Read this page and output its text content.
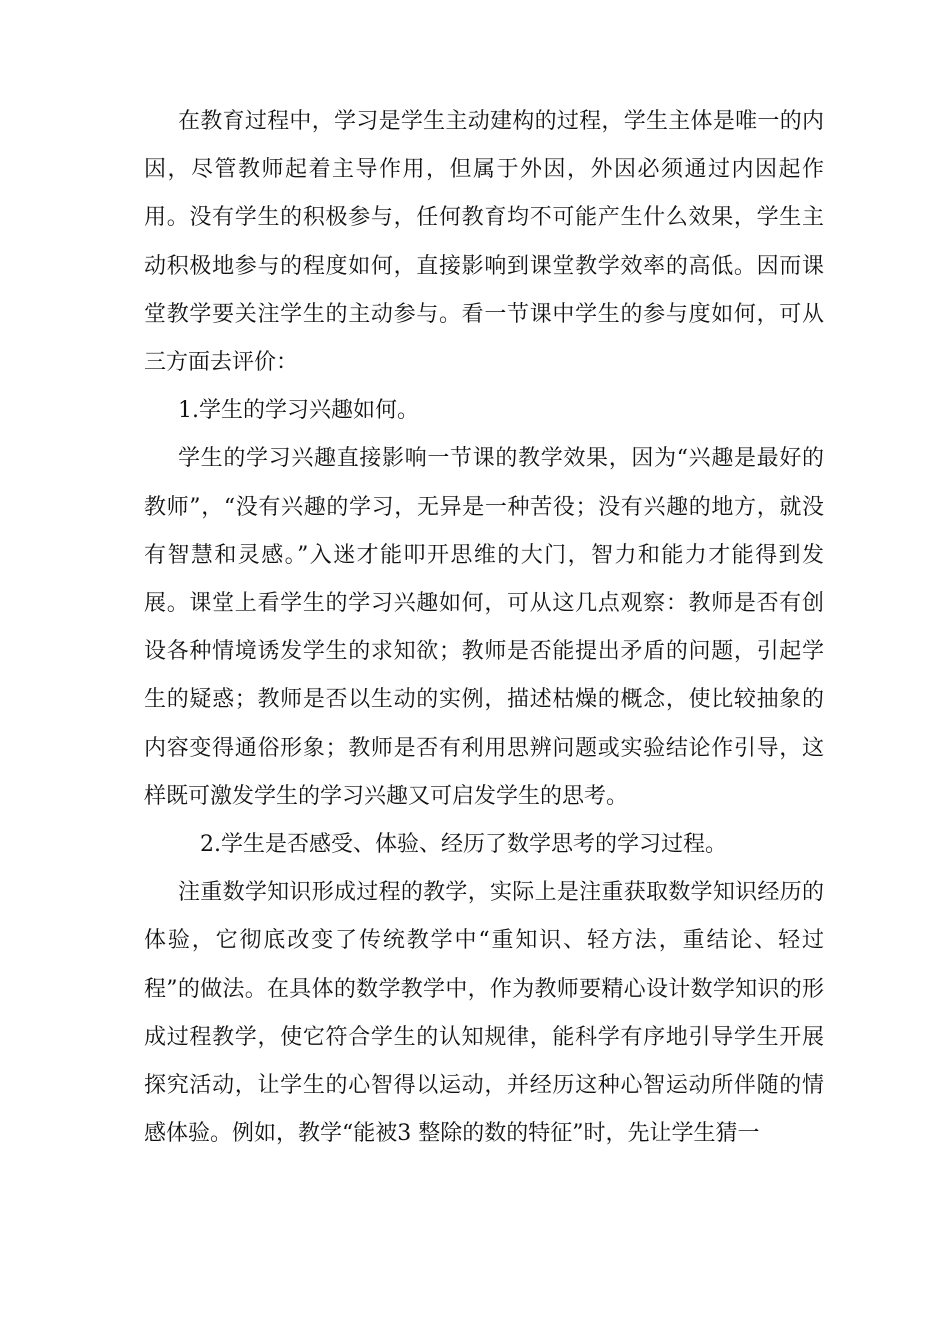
在教育过程中，学习是学生主动建构的过程，学生主体是唯一的内因，尽管教师起着主导作用，但属于外因，外因必须通过内因起作用。没有学生的积极参与，任何教育均不可能产生什么效果，学生主动积极地参与的程度如何，直接影响到课堂教学效率的高低。因而课堂教学要关注学生的主动参与。看一节课中学生的参与度如何，可从三方面去评价：

1.学生的学习兴趣如何。

学生的学习兴趣直接影响一节课的教学效果，因为“兴趣是最好的教师”，“没有兴趣的学习，无异是一种苦役；没有兴趣的地方，就没有智慧和灵感。”入迷才能叩开思维的大门，智力和能力才能得到发展。课堂上看学生的学习兴趣如何，可从这几点观察：教师是否有创设各种情境诱发学生的求知欲；教师是否能提出矛盾的问题，引起学生的疑惑；教师是否以生动的实例，描述枯燥的概念，使比较抽象的内容变得通俗形象；教师是否有利用思辨问题或实验结论作引导，这样既可激发学生的学习兴趣又可启发学生的思考。

2.学生是否感受、体验、经历了数学思考的学习过程。

注重数学知识形成过程的教学，实际上是注重获取数学知识经历的体验，它彻底改变了传统教学中“重知识、轻方法，重结论、轻过程”的做法。在具体的数学教学中，作为教师要精心设计数学知识的形成过程教学，使它符合学生的认知规律，能科学有序地引导学生开展探究活动，让学生的心智得以运动，并经历这种心智运动所伴随的情感体验。例如，教学“能被3 整除的数的特征”时，先让学生猜一
